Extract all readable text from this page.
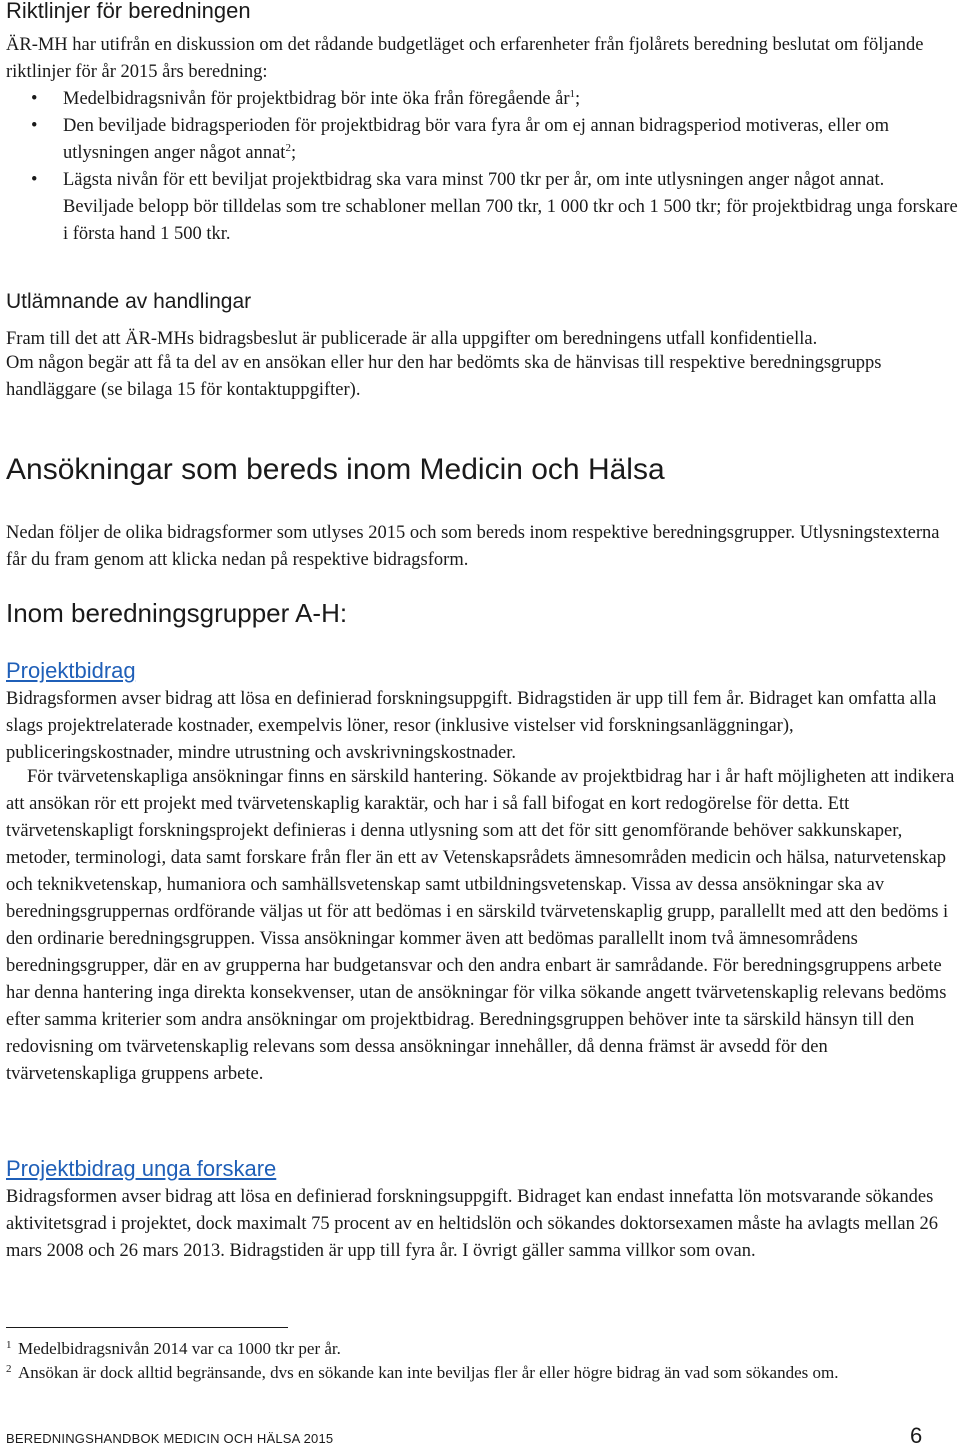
Riktlinjer för beredningen

ÄR-MH har utifrån en diskussion om det rådande budgetläget och erfarenheter från fjolårets beredning beslutat om följande riktlinjer för år 2015 års beredning:

• Medelbidragsnivån för projektbidrag bör inte öka från föregående $år^1$;
• Den beviljade bidragsperioden för projektbidrag bör vara fyra år om ej annan bidragsperiod motiveras, eller om utlysningen anger något annat$^2$;
• Lägsta nivån för ett beviljat projektbidrag ska vara minst 700 tkr per år, om inte utlysningen anger något annat. Beviljade belopp bör tilldelas som tre schabloner mellan 700 tkr, 1 000 tkr och 1 500 tkr; för projektbidrag unga forskare i första hand 1 500 tkr.
Utlämnande av handlingar

Fram till det att ÄR-MHs bidragsbeslut är publicerade är alla uppgifter om beredningens utfall konfidentiella.

Om någon begär att få ta del av en ansökan eller hur den har bedömts ska de hänvisas till respektive beredningsgrupps handläggare (se bilaga 15 för kontaktuppgifter).

Ansökningar som bereds inom Medicin och Hälsa

Nedan följer de olika bidragsformer som utlyses 2015 och som bereds inom respektive beredningsgrupper. Utlysningstexterna får du fram genom att klicka nedan på respektive bidragsform.

Inom beredningsgrupper A-H:
Projektbidrag

Bidragsformen avser bidrag att lösa en definierad forskningsuppgift. Bidragstiden är upp till fem år. Bidraget kan omfatta alla slags projektrelaterade kostnader, exempelvis löner, resor (inklusive vistelser vid forskningsanläggningar), publiceringskostnader, mindre utrustning och avskrivningskostnader.

För tvärvetenskapliga ansökningar finns en särskild hantering. Sökande av projektbidrag har i år haft möjligheten att indikera att ansökan rör ett projekt med tvärvetenskaplig karaktär, och har i så fall bifogat en kort redogörelse för detta. Ett tvärvetenskapligt forskningsprojekt definieras i denna utlysning som att det för sitt genomförande behöver sakkunskaper, metoder, terminologi, data samt forskare från fler än ett av Vetenskapsrådets ämnesområden medicin och hälsa, naturvetenskap och teknikvetenskap, humaniora och samhällsvetenskap samt utbildningsvetenskap. Vissa av dessa ansökningar ska av beredningsgruppernas ordförande väljas ut för att bedömas i en särskild tvärvetenskaplig grupp, parallellt med att den bedöms i den ordinarie beredningsgruppen. Vissa ansökningar kommer även att bedömas parallellt inom två ämnesområdens beredningsgrupper, där en av grupperna har budgetansvar och den andra enbart är samrådande. För beredningsgruppens arbete har denna hantering inga direkta konsekvenser, utan de ansökningar för vilka sökande angett tvärvetenskaplig relevans bedöms efter samma kriterier som andra ansökningar om projektbidrag. Beredningsgruppen behöver inte ta särskild hänsyn till den redovisning om tvärvetenskaplig relevans som dessa ansökningar innehåller, då denna främst är avsedd för den tvärvetenskapliga gruppens arbete.

Projektbidrag unga forskare

Bidragsformen avser bidrag att lösa en definierad forskningsuppgift. Bidraget kan endast innefatta lön motsvarande sökandes aktivitetsgrad i projektet, dock maximalt 75 procent av en heltidslön och sökandes doktorsexamen måste ha avlagts mellan 26 mars 2008 och 26 mars 2013. Bidragstiden är upp till fyra år. I övrigt gäller samma villkor som ovan.

1 Medelbidragsnivån 2014 var ca 1000 tkr per år.
2 Ansökan är dock alltid begränsande, dvs en sökande kan inte beviljas fler år eller högre bidrag än vad som sökandes om.
BEREDNINGSHANDBOK MEDICIN OCH HÄLSA 2015	6
